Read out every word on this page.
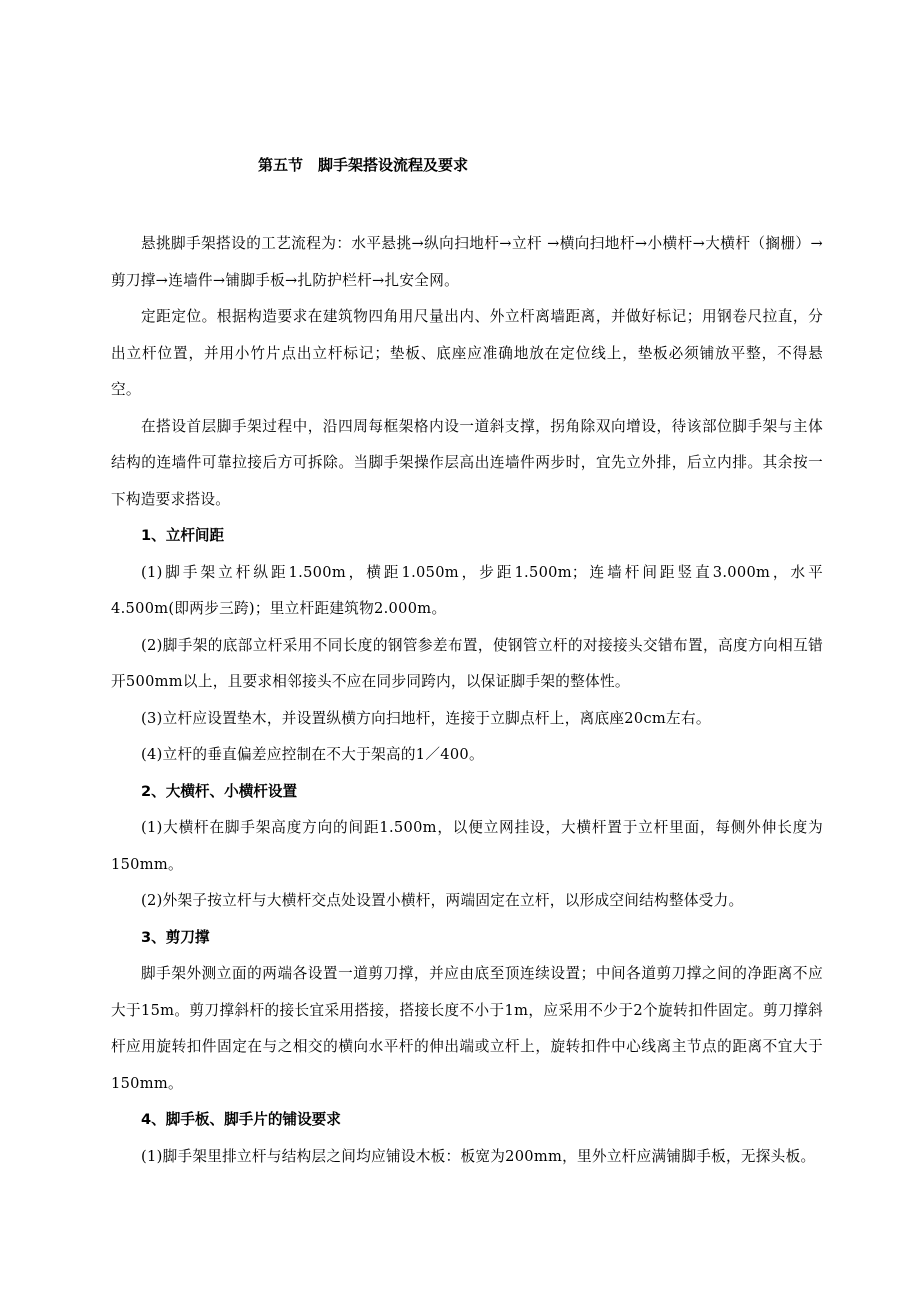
第五节　脚手架搭设流程及要求

悬挑脚手架搭设的工艺流程为：水平悬挑→纵向扫地杆→立杆 →横向扫地杆→小横杆→大横杆（搁栅）→剪刀撑→连墙件→铺脚手板→扎防护栏杆→扎安全网。

定距定位。根据构造要求在建筑物四角用尺量出内、外立杆离墙距离，并做好标记；用钢卷尺拉直，分出立杆位置，并用小竹片点出立杆标记；垫板、底座应准确地放在定位线上，垫板必须铺放平整，不得悬空。

在搭设首层脚手架过程中，沿四周每框架格内设一道斜支撑，拐角除双向增设，待该部位脚手架与主体结构的连墙件可靠拉接后方可拆除。当脚手架操作层高出连墙件两步时，宜先立外排，后立内排。其余按一下构造要求搭设。

1、立杆间距

(1)脚手架立杆纵距1.500m，横距1.050m，步距1.500m；连墙杆间距竖直3.000m，水平4.500m(即两步三跨)；里立杆距建筑物2.000m。

(2)脚手架的底部立杆采用不同长度的钢管参差布置，使钢管立杆的对接接头交错布置，高度方向相互错开500mm以上，且要求相邻接头不应在同步同跨内，以保证脚手架的整体性。

(3)立杆应设置垫木，并设置纵横方向扫地杆，连接于立脚点杆上，离底座20cm左右。

(4)立杆的垂直偏差应控制在不大于架高的1／400。

2、大横杆、小横杆设置

(1)大横杆在脚手架高度方向的间距1.500m，以便立网挂设，大横杆置于立杆里面，每侧外伸长度为150mm。

(2)外架子按立杆与大横杆交点处设置小横杆，两端固定在立杆，以形成空间结构整体受力。

3、剪刀撑

脚手架外测立面的两端各设置一道剪刀撑，并应由底至顶连续设置；中间各道剪刀撑之间的净距离不应大于15m。剪刀撑斜杆的接长宜采用搭接，搭接长度不小于1m，应采用不少于2个旋转扣件固定。剪刀撑斜杆应用旋转扣件固定在与之相交的横向水平杆的伸出端或立杆上，旋转扣件中心线离主节点的距离不宜大于150mm。

4、脚手板、脚手片的铺设要求

(1)脚手架里排立杆与结构层之间均应铺设木板：板宽为200mm，里外立杆应满铺脚手板，无探头板。
